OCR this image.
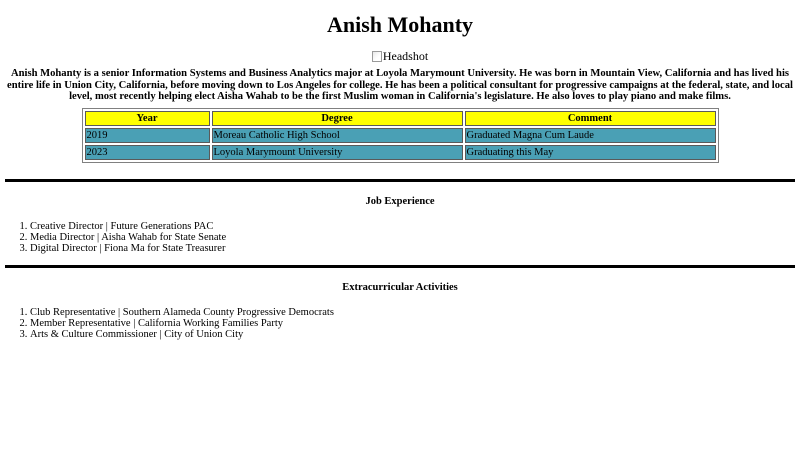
Anish Mohanty
Headshot

Anish Mohanty is a senior Information Systems and Business Analytics major at Loyola Marymount University. He was born in Mountain View, California and has lived his entire life in Union City, California, before moving down to Los Angeles for college. He has been a political consultant for progressive campaigns at the federal, state, and local level, most recently helping elect Aisha Wahab to be the first Muslim woman in California's legislature. He also loves to play piano and make films.

Year	Degree	Comment
2019	Moreau Catholic High School	Graduated Magna Cum Laude
2023	Loyola Marymount University	Graduating this May
Job Experience
1. Creative Director | Future Generations PAC
2. Media Director | Aisha Wahab for State Senate
3. Digital Director | Fiona Ma for State Treasurer
Extracurricular Activities
1. Club Representative | Southern Alameda County Progressive Democrats
2. Member Representative | California Working Families Party
3. Arts & Culture Commissioner | City of Union City
